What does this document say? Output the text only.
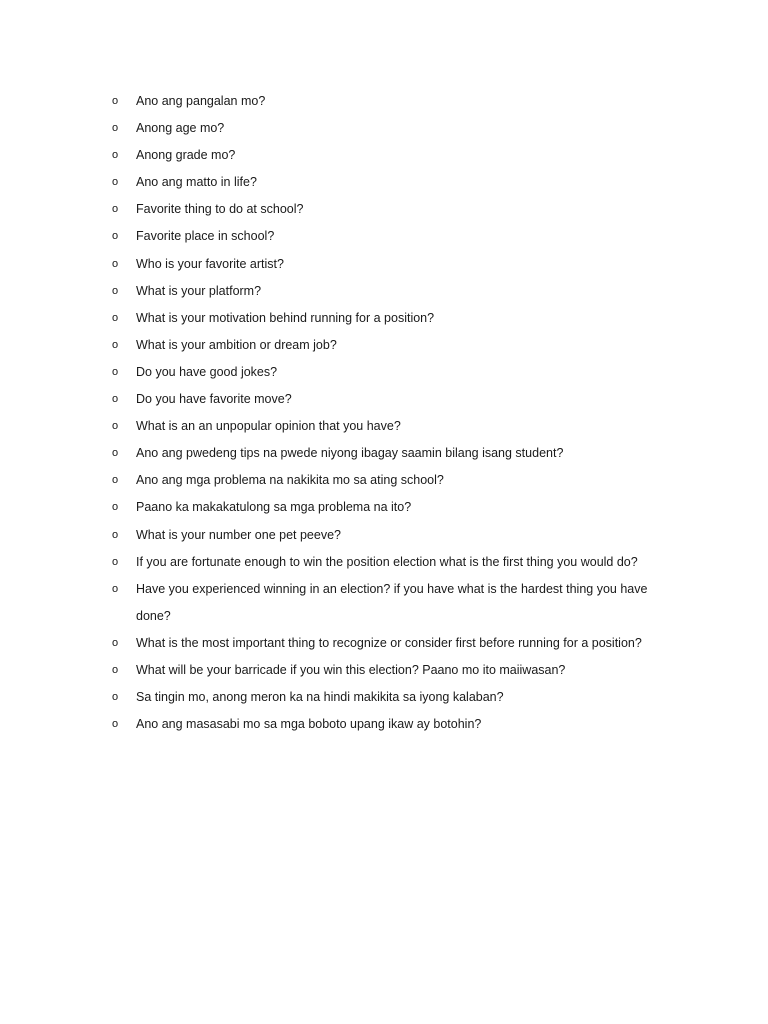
o Ano ang pangalan mo?
o Anong age mo?
o Anong grade mo?
o Ano ang matto in life?
o Favorite thing to do at school?
o Favorite place in school?
o Who is your favorite artist?
o What is your platform?
o What is your motivation behind running for a position?
o What is your ambition or dream job?
o Do you have good jokes?
o Do you have favorite move?
o What is an an unpopular opinion that you have?
o Ano ang pwedeng tips na pwede niyong ibagay saamin bilang isang student?
o Ano ang mga problema na nakikita mo sa ating school?
o Paano ka makakatulong sa mga problema na ito?
o What is your number one pet peeve?
o If you are fortunate enough to win the position election what is the first thing you would do?
o Have you experienced winning in an election? if you have what is the hardest thing you have done?
o What is the most important thing to recognize or consider first before running for a position?
o What will be your barricade if you win this election? Paano mo ito maiiwasan?
o Sa tingin mo, anong meron ka na hindi makikita sa iyong kalaban?
o Ano ang masasabi mo sa mga boboto upang ikaw ay botohin?
